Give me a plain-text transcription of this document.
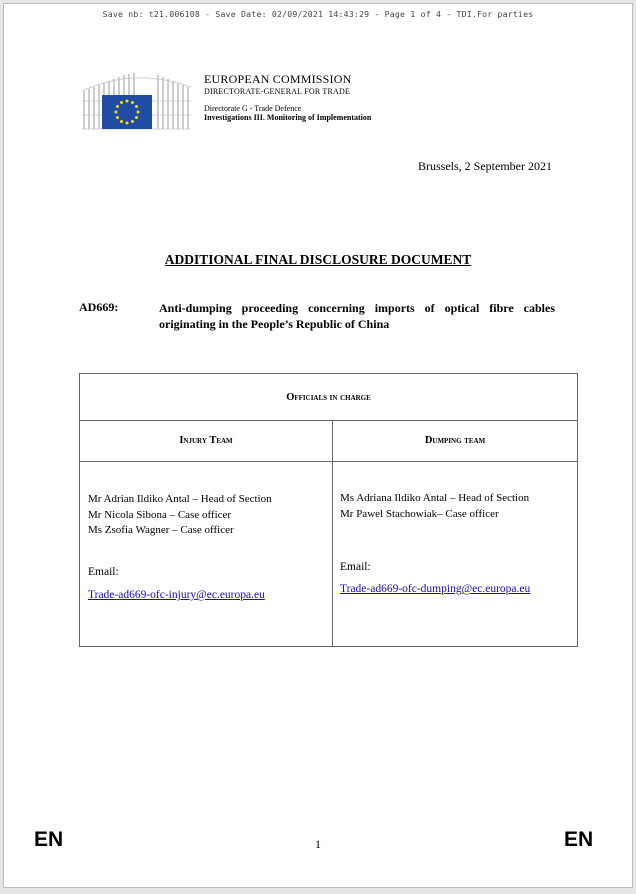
Save nb: t21.006108 - Save Date: 02/09/2021 14:43:29 - Page 1 of 4 - TDI.For parties
EUROPEAN COMMISSION
DIRECTORATE-GENERAL FOR TRADE
Directorate G - Trade Defence
Investigations III. Monitoring of Implementation
Brussels, 2 September 2021
ADDITIONAL FINAL DISCLOSURE DOCUMENT
AD669:	Anti-dumping proceeding concerning imports of optical fibre cables originating in the People’s Republic of China
Officials in charge
Injury Team	Dumping team
Mr Adrian Ildiko Antal – Head of Section
Mr Nicola Sibona – Case officer
Ms Zsofia Wagner – Case officer
Email:
Trade-ad669-ofc-injury@ec.europa.eu
Ms Adriana Ildiko Antal – Head of Section
Mr Pawel Stachowiak– Case officer
Email:
Trade-ad669-ofc-dumping@ec.europa.eu
EN	1	EN
